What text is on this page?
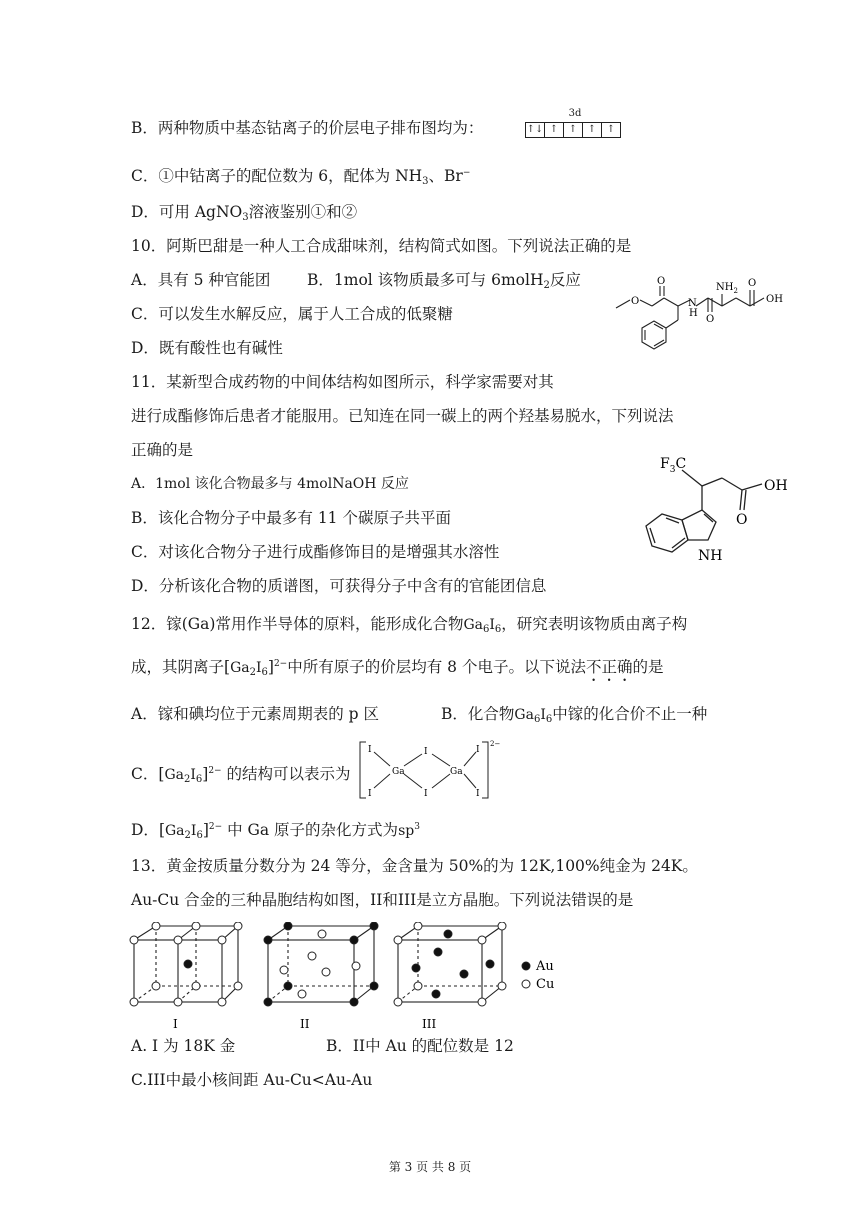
B．两种物质中基态钴离子的价层电子排布图均为：
3d
↑↓ ↑	↑	↑	↑
C．①中钴离子的配位数为 6，配体为 $NH_3$、Br−
D．可用 AgNO$_3$溶液鉴别①和②
10．阿斯巴甜是一种人工合成甜味剂，结构简式如图。下列说法正确的是
A．具有 5 种官能团 B．1mol 该物质最多可与 6molH$_2$反应
C．可以发生水解反应，属于人工合成的低聚糖
D．既有酸性也有碱性
O
O
N
H
O
$NH_2$
O
OH
11．某新型合成药物的中间体结构如图所示，科学家需要对其
进行成酯修饰后患者才能服用。已知连在同一碳上的两个羟基易脱水，下列说法
正确的是
A．1mol 该化合物最多与 4molNaOH 反应
B．该化合物分子中最多有 11 个碳原子共平面
C．对该化合物分子进行成酯修饰目的是增强其水溶性
D．分析该化合物的质谱图，可获得分子中含有的官能团信息
$F_3C$
OH
O
NH
12．镓(Ga)常用作半导体的原料，能形成化合物$Ga_6I_6$，研究表明该物质由离子构
成，其阴离子$[Ga_2I_6]^{2-}$中所有原子的价层均有 8 个电子。以下说法不正确的是
A．镓和碘均位于元素周期表的 p 区	B．化合物$Ga_6I_6$中镓的化合价不止一种
C．$[Ga_2I_6]^{2-}$ 的结构可以表示为
I
I
Ga
I
I
Ga
I
I
2−
D．$[Ga_2I_6]^{2-}$ 中 Ga 原子的杂化方式为$sp^3$
13．黄金按质量分数分为 24 等分，金含量为 50%的为 12K,100%纯金为 24K。
Au-Cu 合金的三种晶胞结构如图，II和III是立方晶胞。下列说法错误的是
Au
Cu
I	II	III
A. I 为 18K 金	B．II中 Au 的配位数是 12
C.III中最小核间距 Au-Cu<Au-Au
第 3 页 共 8 页
